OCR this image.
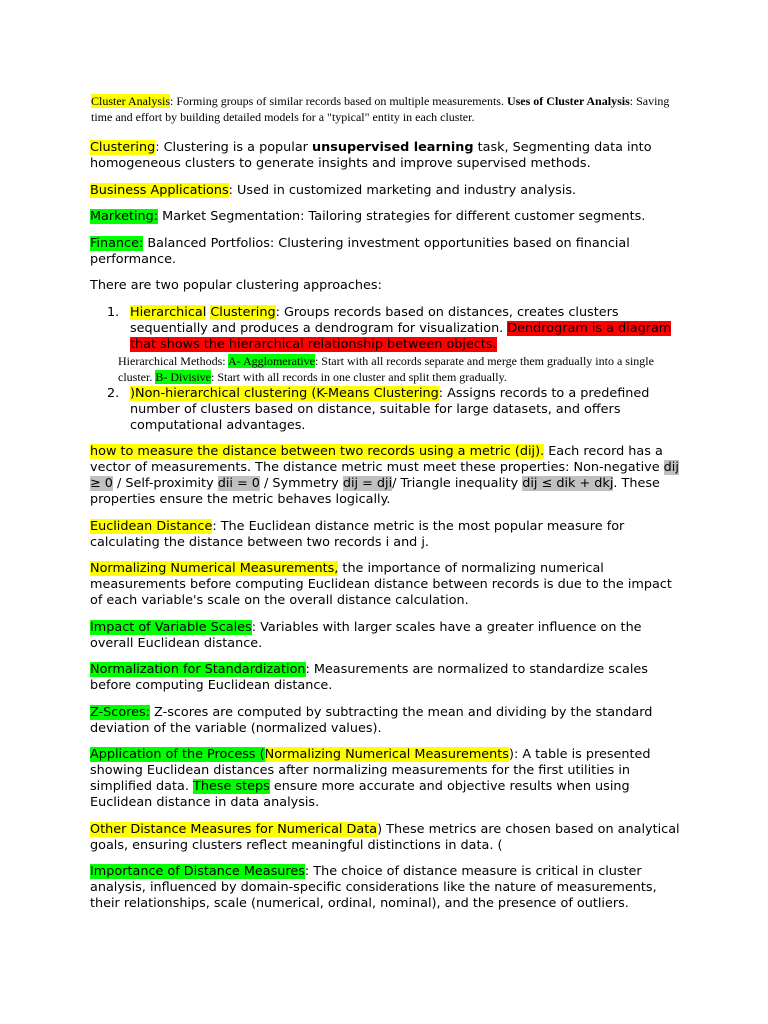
Cluster Analysis: Forming groups of similar records based on multiple measurements. Uses of Cluster Analysis: Saving time and effort by building detailed models for a "typical" entity in each cluster.

Clustering: Clustering is a popular unsupervised learning task, Segmenting data into homogeneous clusters to generate insights and improve supervised methods.

Business Applications: Used in customized marketing and industry analysis.

Marketing: Market Segmentation: Tailoring strategies for different customer segments.

Finance: Balanced Portfolios: Clustering investment opportunities based on financial performance.

There are two popular clustering approaches:

1. Hierarchical Clustering: Groups records based on distances, creates clusters sequentially and produces a dendrogram for visualization. Dendrogram is a diagram that shows the hierarchical relationship between objects.
Hierarchical Methods: A- Agglomerative: Start with all records separate and merge them gradually into a single cluster. B- Divisive: Start with all records in one cluster and split them gradually.
2. )Non-hierarchical clustering (K-Means Clustering: Assigns records to a predefined number of clusters based on distance, suitable for large datasets, and offers computational advantages.

how to measure the distance between two records using a metric (dij). Each record has a vector of measurements. The distance metric must meet these properties: Non-negative dij ≥ 0 / Self-proximity dii = 0 / Symmetry dij = dji/ Triangle inequality dij ≤ dik + dkj. These properties ensure the metric behaves logically.

Euclidean Distance: The Euclidean distance metric is the most popular measure for calculating the distance between two records i and j.

Normalizing Numerical Measurements, the importance of normalizing numerical measurements before computing Euclidean distance between records is due to the impact of each variable's scale on the overall distance calculation.

Impact of Variable Scales: Variables with larger scales have a greater influence on the overall Euclidean distance.

Normalization for Standardization: Measurements are normalized to standardize scales before computing Euclidean distance.

Z-Scores: Z-scores are computed by subtracting the mean and dividing by the standard deviation of the variable (normalized values).

Application of the Process (Normalizing Numerical Measurements): A table is presented showing Euclidean distances after normalizing measurements for the first utilities in simplified data. These steps ensure more accurate and objective results when using Euclidean distance in data analysis.

Other Distance Measures for Numerical Data) These metrics are chosen based on analytical goals, ensuring clusters reflect meaningful distinctions in data. (

Importance of Distance Measures: The choice of distance measure is critical in cluster analysis, influenced by domain-specific considerations like the nature of measurements, their relationships, scale (numerical, ordinal, nominal), and the presence of outliers.
